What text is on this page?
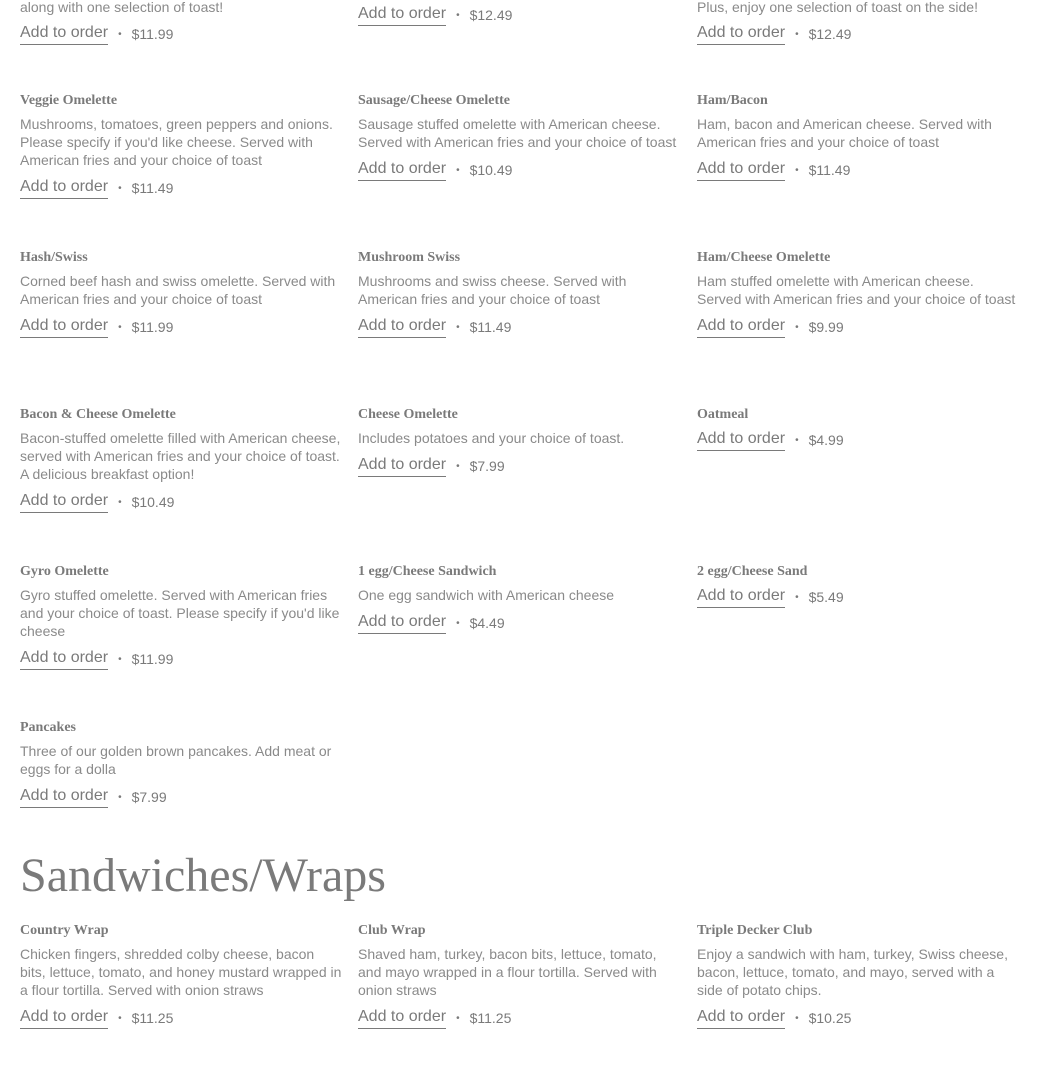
along with one selection of toast!

Add to order • $11.99
Add to order • $12.49	Plus, enjoy one selection of toast on the side!

Add to order • $12.49
Veggie Omelette

Mushrooms, tomatoes, green peppers and onions. Please specify if you'd like cheese. Served with American fries and your choice of toast

Add to order • $11.49
Sausage/Cheese Omelette

Sausage stuffed omelette with American cheese. Served with American fries and your choice of toast

Add to order • $10.49
Ham/Bacon

Ham, bacon and American cheese. Served with American fries and your choice of toast

Add to order • $11.49
Hash/Swiss

Corned beef hash and swiss omelette. Served with American fries and your choice of toast

Add to order • $11.99
Mushroom Swiss

Mushrooms and swiss cheese. Served with American fries and your choice of toast

Add to order • $11.49
Ham/Cheese Omelette

Ham stuffed omelette with American cheese. Served with American fries and your choice of toast

Add to order • $9.99
Bacon & Cheese Omelette

Bacon-stuffed omelette filled with American cheese, served with American fries and your choice of toast. A delicious breakfast option!

Add to order • $10.49
Cheese Omelette

Includes potatoes and your choice of toast.

Add to order • $7.99
Oatmeal
Add to order • $4.99
Gyro Omelette

Gyro stuffed omelette. Served with American fries and your choice of toast. Please specify if you'd like cheese

Add to order • $11.99
1 egg/Cheese Sandwich

One egg sandwich with American cheese

Add to order • $4.49
2 egg/Cheese Sand
Add to order • $5.49
Pancakes

Three of our golden brown pancakes. Add meat or eggs for a dolla

Add to order • $7.99
Sandwiches/Wraps
Country Wrap

Chicken fingers, shredded colby cheese, bacon bits, lettuce, tomato, and honey mustard wrapped in a flour tortilla. Served with onion straws

Add to order • $11.25
Club Wrap

Shaved ham, turkey, bacon bits, lettuce, tomato, and mayo wrapped in a flour tortilla. Served with onion straws

Add to order • $11.25
Triple Decker Club

Enjoy a sandwich with ham, turkey, Swiss cheese, bacon, lettuce, tomato, and mayo, served with a side of potato chips.

Add to order • $10.25
